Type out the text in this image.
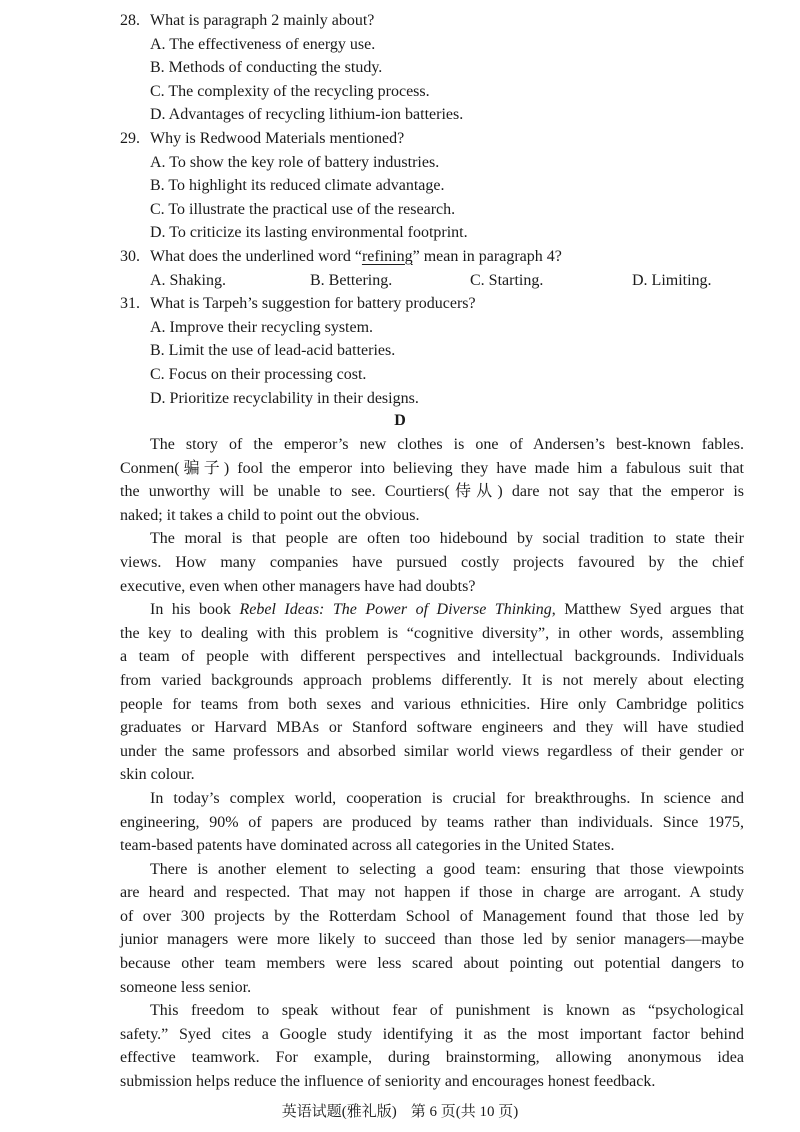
28. What is paragraph 2 mainly about?
A. The effectiveness of energy use.
B. Methods of conducting the study.
C. The complexity of the recycling process.
D. Advantages of recycling lithium-ion batteries.
29. Why is Redwood Materials mentioned?
A. To show the key role of battery industries.
B. To highlight its reduced climate advantage.
C. To illustrate the practical use of the research.
D. To criticize its lasting environmental footprint.
30. What does the underlined word “refining” mean in paragraph 4?
A. Shaking.	B. Bettering.	C. Starting.	D. Limiting.
31. What is Tarpeh’s suggestion for battery producers?
A. Improve their recycling system.
B. Limit the use of lead-acid batteries.
C. Focus on their processing cost.
D. Prioritize recyclability in their designs.
D
The story of the emperor’s new clothes is one of Andersen’s best-known fables.
Conmen(骗子) fool the emperor into believing they have made him a fabulous suit that
the unworthy will be unable to see. Courtiers(侍从) dare not say that the emperor is
naked; it takes a child to point out the obvious.
The moral is that people are often too hidebound by social tradition to state their
views. How many companies have pursued costly projects favoured by the chief
executive, even when other managers have had doubts?
In his book Rebel Ideas: The Power of Diverse Thinking, Matthew Syed argues that
the key to dealing with this problem is “cognitive diversity”, in other words, assembling
a team of people with different perspectives and intellectual backgrounds. Individuals
from varied backgrounds approach problems differently. It is not merely about electing
people for teams from both sexes and various ethnicities. Hire only Cambridge politics
graduates or Harvard MBAs or Stanford software engineers and they will have studied
under the same professors and absorbed similar world views regardless of their gender or
skin colour.
In today’s complex world, cooperation is crucial for breakthroughs. In science and
engineering, 90% of papers are produced by teams rather than individuals. Since 1975,
team-based patents have dominated across all categories in the United States.
There is another element to selecting a good team: ensuring that those viewpoints
are heard and respected. That may not happen if those in charge are arrogant. A study
of over 300 projects by the Rotterdam School of Management found that those led by
junior managers were more likely to succeed than those led by senior managers—maybe
because other team members were less scared about pointing out potential dangers to
someone less senior.
This freedom to speak without fear of punishment is known as “psychological
safety.” Syed cites a Google study identifying it as the most important factor behind
effective teamwork. For example, during brainstorming, allowing anonymous idea
submission helps reduce the influence of seniority and encourages honest feedback.
英语试题(雅礼版) 第 6 页(共 10 页)
